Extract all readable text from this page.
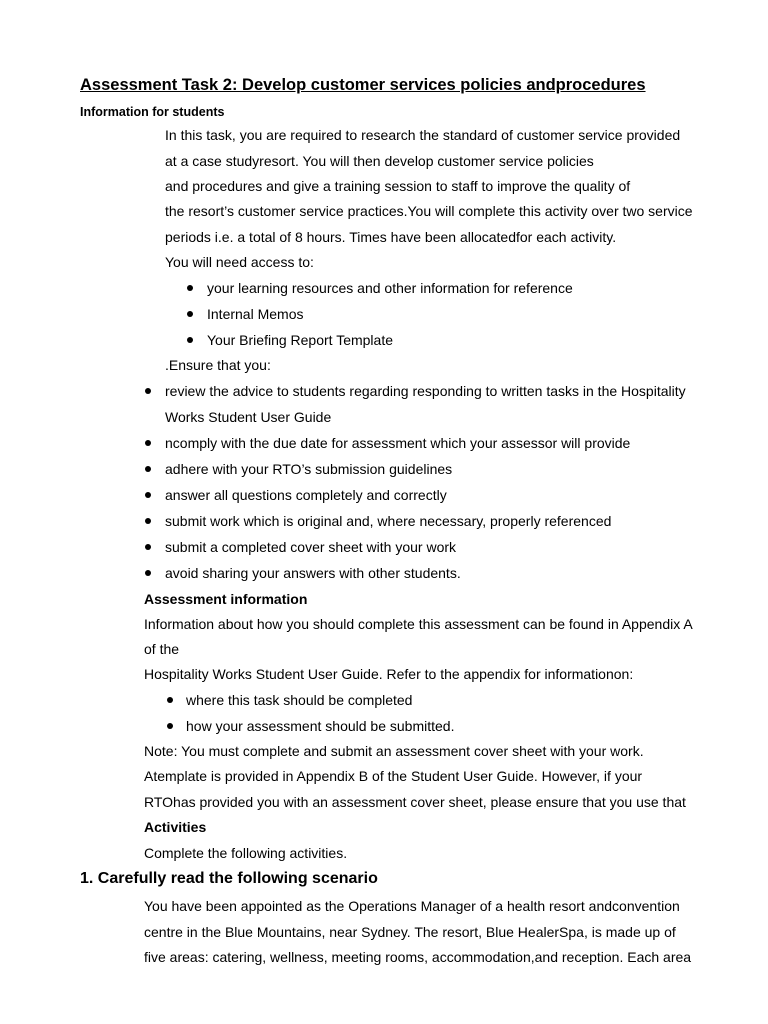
Assessment Task 2: Develop customer services policies andprocedures
Information for students
In this task, you are required to research the standard of customer service provided
at a case studyresort. You will then develop customer service policies
and procedures and give a training session to staff to improve the quality of
the resort’s customer service practices.You will complete this activity over two service
periods i.e. a total of 8 hours. Times have been allocatedfor each activity.
You will need access to:
your learning resources and other information for reference
Internal Memos
Your Briefing Report Template
.Ensure that you:
review the advice to students regarding responding to written tasks in the Hospitality
Works Student User Guide
ncomply with the due date for assessment which your assessor will provide
adhere with your RTO’s submission guidelines
answer all questions completely and correctly
submit work which is original and, where necessary, properly referenced
submit a completed cover sheet with your work
avoid sharing your answers with other students.
Assessment information
Information about how you should complete this assessment can be found in Appendix A
of the
Hospitality Works Student User Guide. Refer to the appendix for informationon:
where this task should be completed
how your assessment should be submitted.
Note: You must complete and submit an assessment cover sheet with your work.
Atemplate is provided in Appendix B of the Student User Guide. However, if your
RTOhas provided you with an assessment cover sheet, please ensure that you use that
Activities
Complete the following activities.
1. Carefully read the following scenario
You have been appointed as the Operations Manager of a health resort andconvention
centre in the Blue Mountains, near Sydney. The resort, Blue HealerSpa, is made up of
five areas: catering, wellness, meeting rooms, accommodation,and reception. Each area
